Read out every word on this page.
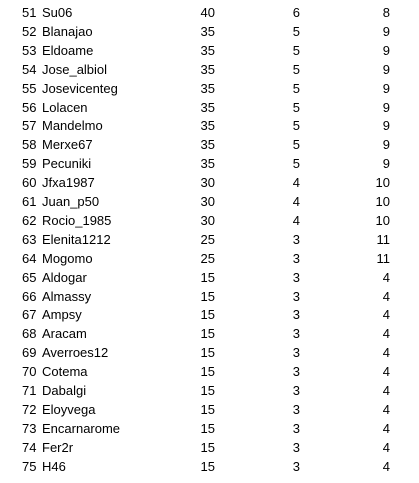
51 Su06	40	6	8
52 Blanajao	35	5	9
53 Eldoame	35	5	9
54 Jose_albiol	35	5	9
55 Josevicenteg	35	5	9
56 Lolacen	35	5	9
57 Mandelmo	35	5	9
58 Merxe67	35	5	9
59 Pecuniki	35	5	9
60 Jfxa1987	30	4	10
61 Juan_p50	30	4	10
62 Rocio_1985	30	4	10
63 Elenita1212	25	3	11
64 Mogomo	25	3	11
65 Aldogar	15	3	4
66 Almassy	15	3	4
67 Ampsy	15	3	4
68 Aracam	15	3	4
69 Averroes12	15	3	4
70 Cotema	15	3	4
71 Dabalgi	15	3	4
72 Eloyvega	15	3	4
73 Encarnarome	15	3	4
74 Fer2r	15	3	4
75 H46	15	3	4
